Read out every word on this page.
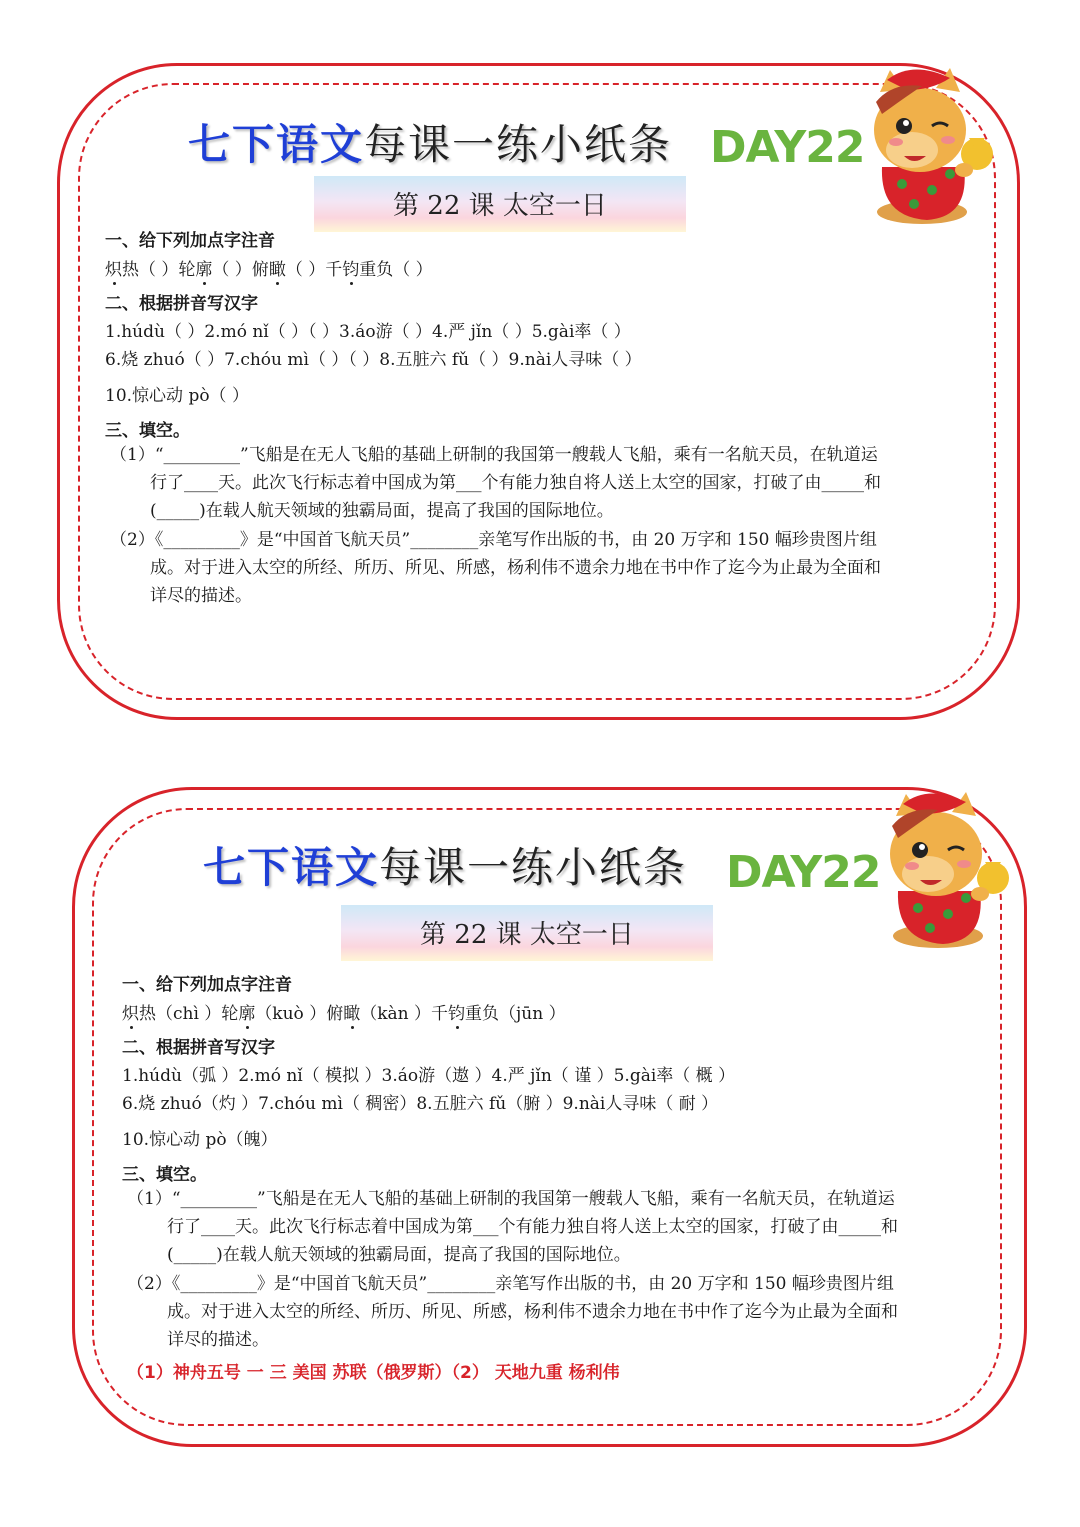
七下语文每课一练小纸条 DAY22
第 22 课 太空一日
一、给下列加点字注音
炽热（ ）轮廓（ ）俯瞰（ ）千钧重负（ ）
二、根据拼音写汉字
1.húdù（ ）2.mó nǐ（ ）（ ）3.áo游（ ）4.严 jǐn（ ）5.gài率（ ）
6.烧 zhuó（ ）7.chóu mì（ ）（ ）8.五脏六 fǔ（ ）9.nài人寻味（ ）
10.惊心动 pò（ ）
三、填空。
（1）“_________”飞船是在无人飞船的基础上研制的我国第一艘载人飞船，乘有一名航天员，在轨道运
行了____天。此次飞行标志着中国成为第___个有能力独自将人送上太空的国家，打破了由_____和
(_____)在载人航天领域的独霸局面，提高了我国的国际地位。
（2）《_________》是“中国首飞航天员”________亲笔写作出版的书，由 20 万字和 150 幅珍贵图片组
成。对于进入太空的所经、所历、所见、所感，杨利伟不遗余力地在书中作了迄今为止最为全面和
详尽的描述。
七下语文每课一练小纸条 DAY22
第 22 课 太空一日
一、给下列加点字注音
炽热（chì ）轮廓（kuò ）俯瞰（kàn ）千钧重负（jūn ）
二、根据拼音写汉字
1.húdù（弧 ）2.mó nǐ（ 模拟 ）3.áo游（遨 ）4.严 jǐn（ 谨 ）5.gài率（ 概 ）
6.烧 zhuó（灼 ）7.chóu mì（ 稠密）8.五脏六 fǔ（腑 ）9.nài人寻味（ 耐 ）
10.惊心动 pò（魄）
三、填空。
（1）“_________”飞船是在无人飞船的基础上研制的我国第一艘载人飞船，乘有一名航天员，在轨道运
行了____天。此次飞行标志着中国成为第___个有能力独自将人送上太空的国家，打破了由_____和
(_____)在载人航天领域的独霸局面，提高了我国的国际地位。
（2）《_________》是“中国首飞航天员”________亲笔写作出版的书，由 20 万字和 150 幅珍贵图片组
成。对于进入太空的所经、所历、所见、所感，杨利伟不遗余力地在书中作了迄今为止最为全面和
详尽的描述。
（1）神舟五号 一 三 美国 苏联（俄罗斯）（2） 天地九重 杨利伟
